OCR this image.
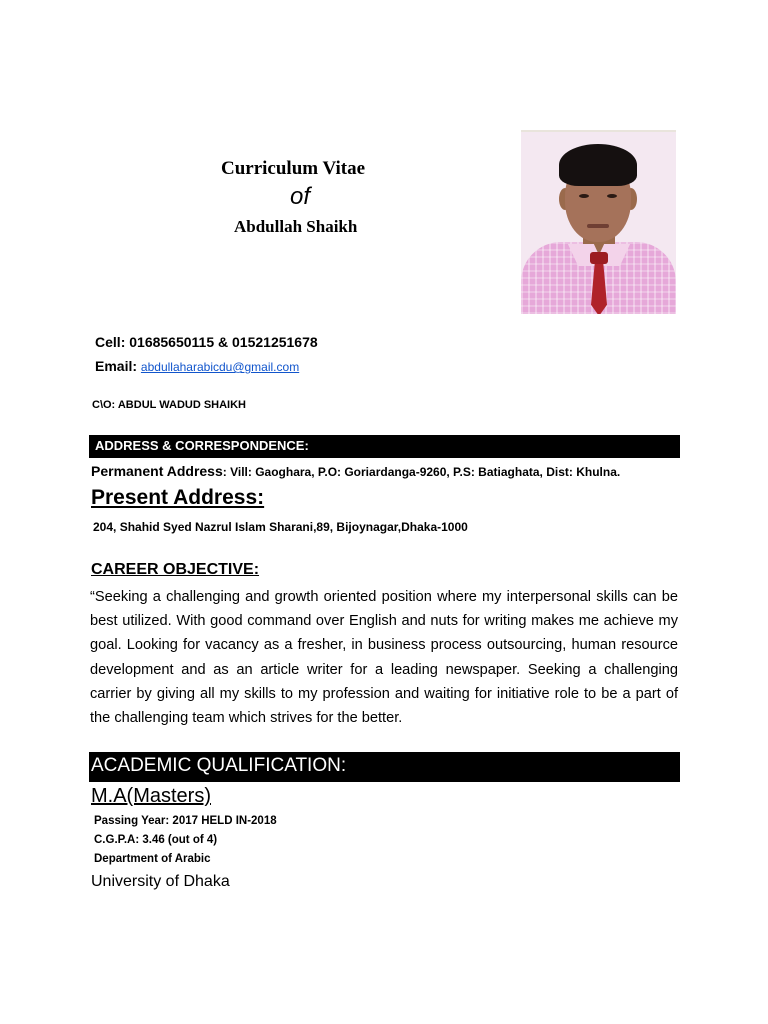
Curriculum Vitae
of
Abdullah Shaikh
Cell: 01685650115 & 01521251678
Email: abdullaharabicdu@gmail.com
C\O: ABDUL WADUD SHAIKH
ADDRESS & CORRESPONDENCE:
Permanent Address: Vill: Gaoghara, P.O: Goriardanga-9260, P.S: Batiaghata, Dist: Khulna.
Present Address:
204, Shahid Syed Nazrul Islam Sharani,89, Bijoynagar,Dhaka-1000
CAREER OBJECTIVE:
“Seeking a challenging and growth oriented position where my interpersonal skills can be best utilized. With good command over English and nuts for writing makes me achieve my goal. Looking for vacancy as a fresher, in business process outsourcing, human resource development and as an article writer for a leading newspaper. Seeking a challenging carrier by giving all my skills to my profession and waiting for initiative role to be a part of the challenging team which strives for the better.
ACADEMIC QUALIFICATION:
M.A(Masters)
Passing Year: 2017 HELD IN-2018
C.G.P.A: 3.46 (out of 4)
Department of Arabic
University of Dhaka
